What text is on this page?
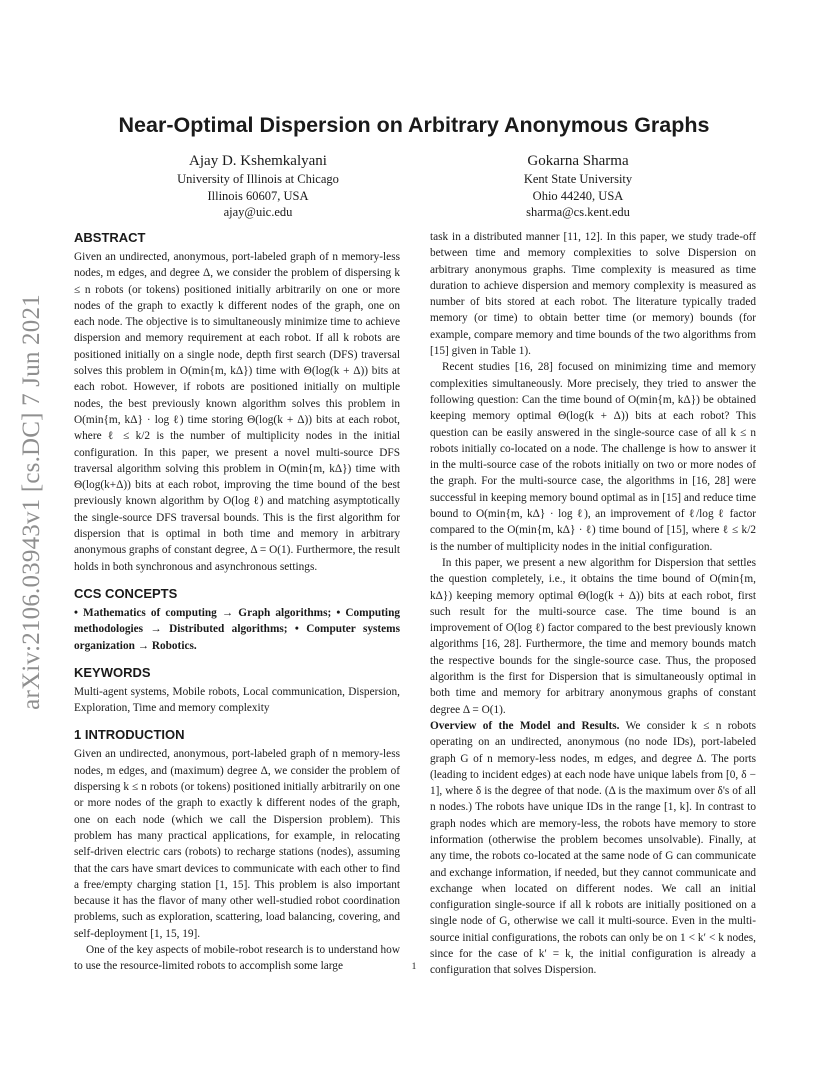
arXiv:2106.03943v1 [cs.DC] 7 Jun 2021
Near-Optimal Dispersion on Arbitrary Anonymous Graphs
Ajay D. Kshemkalyani
University of Illinois at Chicago
Illinois 60607, USA
ajay@uic.edu
Gokarna Sharma
Kent State University
Ohio 44240, USA
sharma@cs.kent.edu
ABSTRACT

Given an undirected, anonymous, port-labeled graph of n memory-less nodes, m edges, and degree Δ, we consider the problem of dispersing k ≤ n robots (or tokens) positioned initially arbitrarily on one or more nodes of the graph to exactly k different nodes of the graph, one on each node. The objective is to simultaneously minimize time to achieve dispersion and memory requirement at each robot. If all k robots are positioned initially on a single node, depth first search (DFS) traversal solves this problem in O(min{m, kΔ}) time with Θ(log(k + Δ)) bits at each robot. However, if robots are positioned initially on multiple nodes, the best previously known algorithm solves this problem in O(min{m, kΔ} · log ℓ) time storing Θ(log(k + Δ)) bits at each robot, where ℓ ≤ k/2 is the number of multiplicity nodes in the initial configuration. In this paper, we present a novel multi-source DFS traversal algorithm solving this problem in O(min{m, kΔ}) time with Θ(log(k+Δ)) bits at each robot, improving the time bound of the best previously known algorithm by O(log ℓ) and matching asymptotically the single-source DFS traversal bounds. This is the first algorithm for dispersion that is optimal in both time and memory in arbitrary anonymous graphs of constant degree, Δ = O(1). Furthermore, the result holds in both synchronous and asynchronous settings.

CCS CONCEPTS

• Mathematics of computing → Graph algorithms; • Computing methodologies → Distributed algorithms; • Computer systems organization → Robotics.

KEYWORDS

Multi-agent systems, Mobile robots, Local communication, Dispersion, Exploration, Time and memory complexity

1 INTRODUCTION

Given an undirected, anonymous, port-labeled graph of n memory-less nodes, m edges, and (maximum) degree Δ, we consider the problem of dispersing k ≤ n robots (or tokens) positioned initially arbitrarily on one or more nodes of the graph to exactly k different nodes of the graph, one on each node (which we call the Dispersion problem). This problem has many practical applications, for example, in relocating self-driven electric cars (robots) to recharge stations (nodes), assuming that the cars have smart devices to communicate with each other to find a free/empty charging station [1, 15]. This problem is also important because it has the flavor of many other well-studied robot coordination problems, such as exploration, scattering, load balancing, covering, and self-deployment [1, 15, 19].

One of the key aspects of mobile-robot research is to understand how to use the resource-limited robots to accomplish some large

task in a distributed manner [11, 12]. In this paper, we study trade-off between time and memory complexities to solve Dispersion on arbitrary anonymous graphs. Time complexity is measured as time duration to achieve dispersion and memory complexity is measured as number of bits stored at each robot. The literature typically traded memory (or time) to obtain better time (or memory) bounds (for example, compare memory and time bounds of the two algorithms from [15] given in Table 1).

Recent studies [16, 28] focused on minimizing time and memory complexities simultaneously. More precisely, they tried to answer the following question: Can the time bound of O(min{m, kΔ}) be obtained keeping memory optimal Θ(log(k + Δ)) bits at each robot? This question can be easily answered in the single-source case of all k ≤ n robots initially co-located on a node. The challenge is how to answer it in the multi-source case of the robots initially on two or more nodes of the graph. For the multi-source case, the algorithms in [16, 28] were successful in keeping memory bound optimal as in [15] and reduce time bound to O(min{m, kΔ} · log ℓ), an improvement of ℓ/log ℓ factor compared to the O(min{m, kΔ} · ℓ) time bound of [15], where ℓ ≤ k/2 is the number of multiplicity nodes in the initial configuration.

In this paper, we present a new algorithm for Dispersion that settles the question completely, i.e., it obtains the time bound of O(min{m, kΔ}) keeping memory optimal Θ(log(k + Δ)) bits at each robot, first such result for the multi-source case. The time bound is an improvement of O(log ℓ) factor compared to the best previously known algorithms [16, 28]. Furthermore, the time and memory bounds match the respective bounds for the single-source case. Thus, the proposed algorithm is the first for Dispersion that is simultaneously optimal in both time and memory for arbitrary anonymous graphs of constant degree Δ = O(1).

Overview of the Model and Results. We consider k ≤ n robots operating on an undirected, anonymous (no node IDs), port-labeled graph G of n memory-less nodes, m edges, and degree Δ. The ports (leading to incident edges) at each node have unique labels from [0, δ − 1], where δ is the degree of that node. (Δ is the maximum over δ's of all n nodes.) The robots have unique IDs in the range [1, k]. In contrast to graph nodes which are memory-less, the robots have memory to store information (otherwise the problem becomes unsolvable). Finally, at any time, the robots co-located at the same node of G can communicate and exchange information, if needed, but they cannot communicate and exchange when located on different nodes. We call an initial configuration single-source if all k robots are initially positioned on a single node of G, otherwise we call it multi-source. Even in the multi-source initial configurations, the robots can only be on 1 < k′ < k nodes, since for the case of k′ = k, the initial configuration is already a configuration that solves Dispersion.

1
